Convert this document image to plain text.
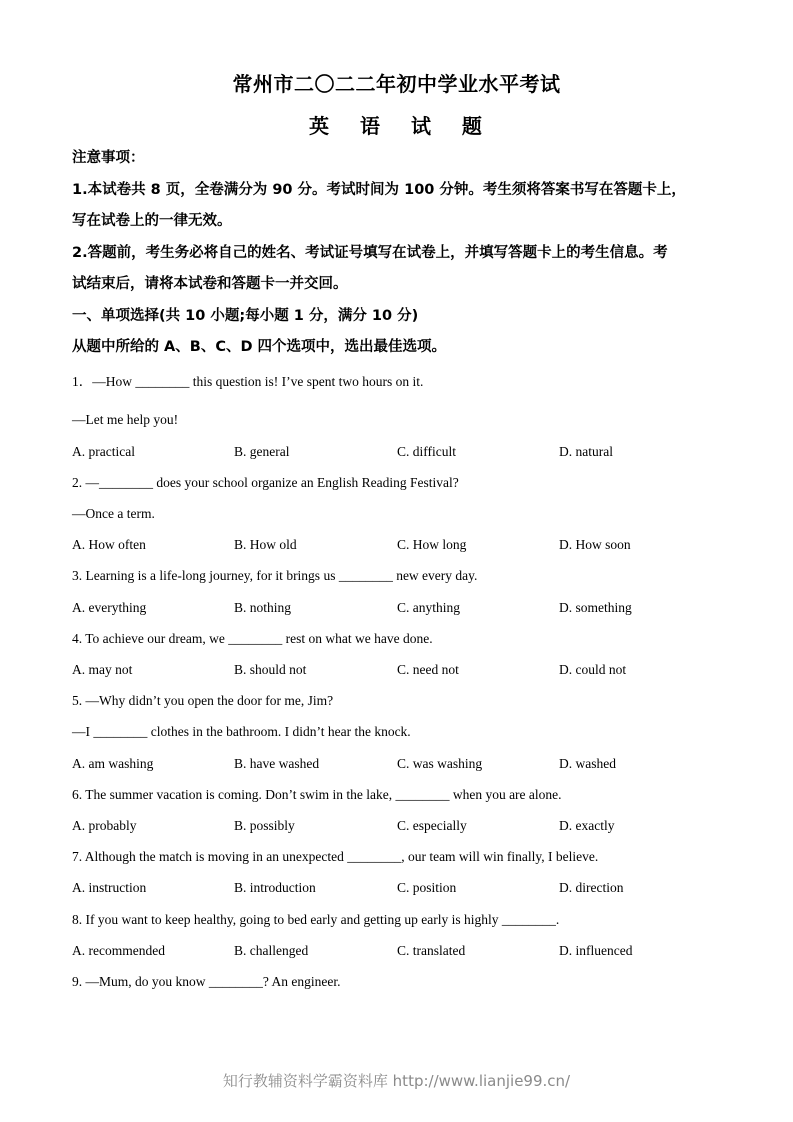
常州市二〇二二年初中学业水平考试
英 语 试 题
注意事项：
1.本试卷共 8 页，全卷满分为 90 分。考试时间为 100 分钟。考生须将答案书写在答题卡上，
写在试卷上的一律无效。
2.答题前，考生务必将自己的姓名、考试证号填写在试卷上，并填写答题卡上的考生信息。考
试结束后，请将本试卷和答题卡一并交回。
一、单项选择(共 10 小题;每小题 1 分，满分 10 分)
从题中所给的 A、B、C、D 四个选项中，选出最佳选项。
1．—How ________ this question is! I’ve spent two hours on it.
—Let me help you!
A. practical	B. general	C. difficult	D. natural
2. —________ does your school organize an English Reading Festival?
—Once a term.
A. How often	B. How old	C. How long	D. How soon
3. Learning is a life-long journey, for it brings us ________ new every day.
A. everything	B. nothing	C. anything	D. something
4. To achieve our dream, we ________ rest on what we have done.
A. may not	B. should not	C. need not	D. could not
5. —Why didn’t you open the door for me, Jim?
—I ________ clothes in the bathroom. I didn’t hear the knock.
A. am washing	B. have washed	C. was washing	D. washed
6. The summer vacation is coming. Don’t swim in the lake, ________ when you are alone.
A. probably	B. possibly	C. especially	D. exactly
7. Although the match is moving in an unexpected ________, our team will win finally, I believe.
A. instruction	B. introduction	C. position	D. direction
8. If you want to keep healthy, going to bed early and getting up early is highly ________.
A. recommended	B. challenged	C. translated	D. influenced
9. —Mum, do you know ________? An engineer.
知行教辅资料学霸资料库 http://www.lianjie99.cn/
